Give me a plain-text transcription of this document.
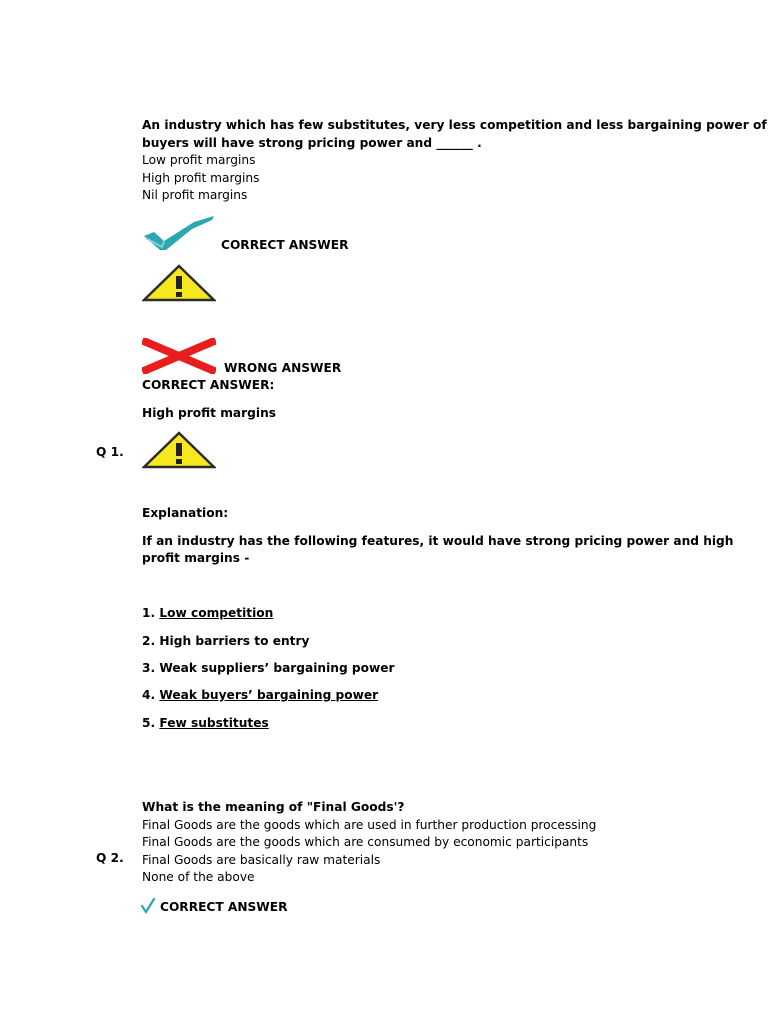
An industry which has few substitutes, very less competition and less bargaining power of
buyers will have strong pricing power and ______ .
Low profit margins
High profit margins
Nil profit margins
CORRECT ANSWER
WRONG ANSWER
CORRECT ANSWER:
High profit margins
Q 1.
Explanation:
If an industry has the following features, it would have strong pricing power and high
profit margins -
1. Low competition
2. High barriers to entry
3. Weak suppliers’ bargaining power
4. Weak buyers’ bargaining power
5. Few substitutes
What is the meaning of "Final Goods'?
Final Goods are the goods which are used in further production processing
Final Goods are the goods which are consumed by economic participants
Final Goods are basically raw materials
None of the above
Q 2.
CORRECT ANSWER
